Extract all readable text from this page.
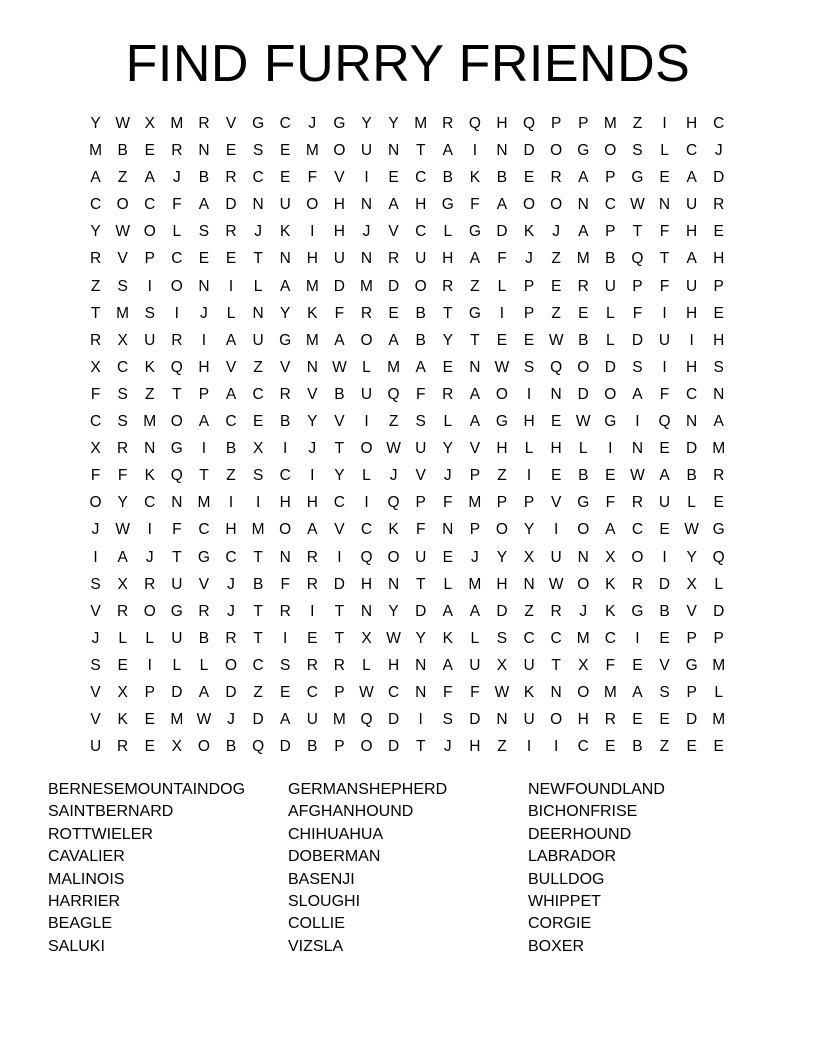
FIND FURRY FRIENDS
Y W X M R	V	G C	J	G	Y	Y M R Q H Q	P	P M	Z	I	H	C
M B	E	R	N	E	S	E M O U	N	T	A	I	N	D O G O	S	L	C	J
A	Z	A	J	B	R	C	E	F	V	I	E	C	B	K	B	E	R	A	P	G	E	A	D
C O C	F	A	D	N	U O H	N	A	H G	F	A	O O N	C W N	U	R
Y W O	L	S	R	J	K	I	H	J	V	C	L	G D	K	J	A	P	T	F	H	E
R	V	P	C	E	E	T	N	H	U	N	R	U	H	A	F	J	Z	M B	Q	T	A	H
Z	S	I	O N	I	L	A M D M D O R	Z	L	P	E	R	U	P	F	U	P
T	M S	I	J	L	N	Y	K	F	R	E	B	T	G	I	P	Z	E	L	F	I	H	E
R	X	U	R	I	A	U G M A	O	A	B	Y	T	E	E W B	L	D	U	I	H
X	C	K	Q H	V	Z	V	N W L	M A	E	N W S	Q O D	S	I	H	S
F	S	Z	T	P	A	C	R	V	B	U Q	F	R	A	O	I	N	D O	A	F	C	N
C	S M O	A	C	E	B	Y	V	I	Z	S	L	A	G H	E W G	I	Q N	A
X	R	N G	I	B	X	I	J	T	O W U	Y	V	H	L	H	L	I	N	E	D M
F	F	K	Q	T	Z	S	C	I	Y	L	J	V	J	P	Z	I	E	B	E W A	B	R
O	Y	C	N M	I	I	H	H	C	I	Q	P	F	M P	P	V	G	F	R	U	L	E
J	W	I	F	C	H M O	A	V	C	K	F	N	P	O	Y	I	O	A	C	E W G
I	A	J	T	G C	T	N	R	I	Q O U	E	J	Y	X	U	N	X	O	I	Y	Q
S	X	R	U	V	J	B	F	R	D	H	N	T	L	M H	N W O	K	R	D	X	L
V	R O G R	J	T	R	I	T	N	Y	D	A	A	D	Z	R	J	K	G	B	V	D
J	L	L	U	B	R	T	I	E	T	X W Y	K	L	S	C	C M C	I	E	P	P
S	E	I	L	L	O C	S	R	R	L	H	N	A	U	X	U	T	X	F	E	V	G M
V	X	P	D	A	D	Z	E	C	P W C	N	F	F W K	N O M A	S	P	L
V	K	E M W	J	D	A	U M Q D	I	S	D	N	U O H	R	E	E	D M
U	R	E	X	O	B	Q D	B	P	O D	T	J	H	Z	I	I	C	E	B	Z	E	E
BERNESEMOUNTAINDOG
SAINTBERNARD
ROTTWIELER
CAVALIER
MALINOIS
HARRIER
BEAGLE
SALUKI
GERMANSHEPHERD
AFGHANHOUND
CHIHUAHUA
DOBERMAN
BASENJI
SLOUGHI
COLLIE
VIZSLA
NEWFOUNDLAND
BICHONFRISE
DEERHOUND
LABRADOR
BULLDOG
WHIPPET
CORGIE
BOXER
